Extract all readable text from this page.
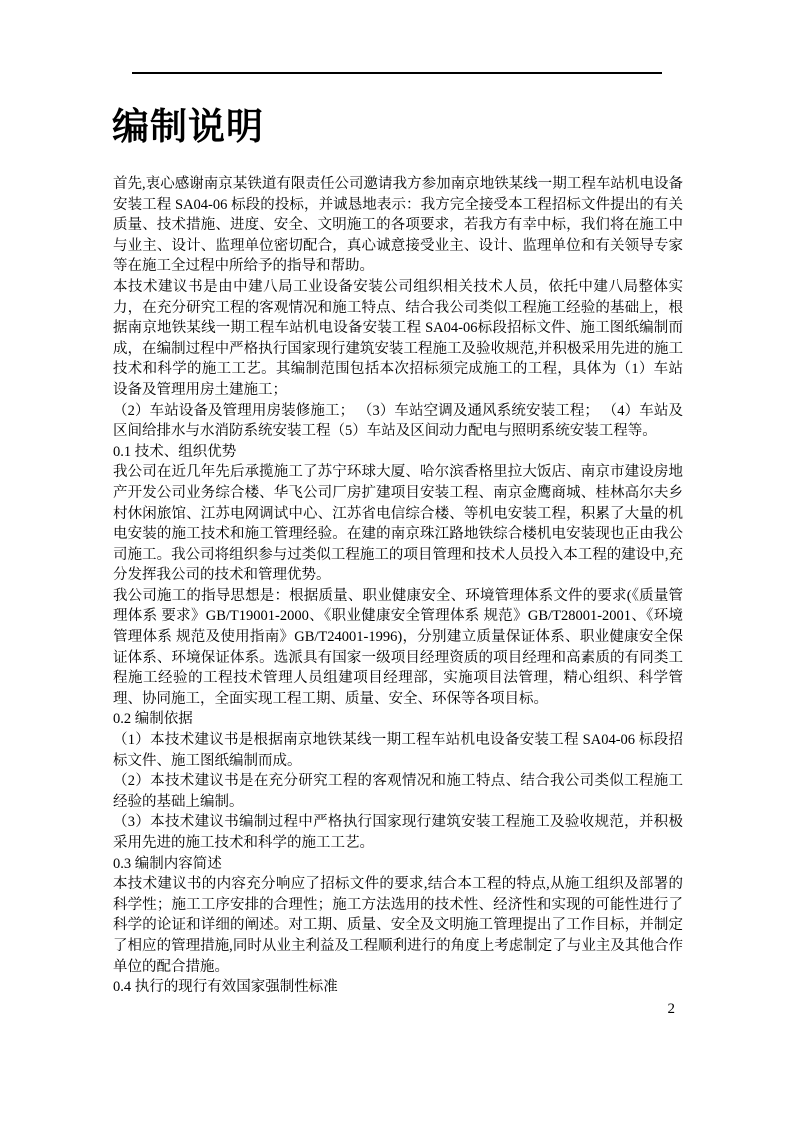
编制说明

首先,衷心感谢南京某铁道有限责任公司邀请我方参加南京地铁某线一期工程车站机电设备安装工程 SA04-06 标段的投标，并诚恳地表示：我方完全接受本工程招标文件提出的有关质量、技术措施、进度、安全、文明施工的各项要求，若我方有幸中标，我们将在施工中与业主、设计、监理单位密切配合，真心诚意接受业主、设计、监理单位和有关领导专家等在施工全过程中所给予的指导和帮助。

本技术建议书是由中建八局工业设备安装公司组织相关技术人员，依托中建八局整体实力，在充分研究工程的客观情况和施工特点、结合我公司类似工程施工经验的基础上，根据南京地铁某线一期工程车站机电设备安装工程 SA04-06标段招标文件、施工图纸编制而成，在编制过程中严格执行国家现行建筑安装工程施工及验收规范,并积极采用先进的施工技术和科学的施工工艺。其编制范围包括本次招标须完成施工的工程，具体为（1）车站设备及管理用房土建施工；

（2）车站设备及管理用房装修施工； （3）车站空调及通风系统安装工程； （4）车站及区间给排水与水消防系统安装工程（5）车站及区间动力配电与照明系统安装工程等。

0.1 技术、组织优势

我公司在近几年先后承揽施工了苏宁环球大厦、哈尔滨香格里拉大饭店、南京市建设房地产开发公司业务综合楼、华飞公司厂房扩建项目安装工程、南京金鹰商城、桂林高尔夫乡村休闲旅馆、江苏电网调试中心、江苏省电信综合楼、等机电安装工程，积累了大量的机电安装的施工技术和施工管理经验。在建的南京珠江路地铁综合楼机电安装现也正由我公司施工。我公司将组织参与过类似工程施工的项目管理和技术人员投入本工程的建设中,充分发挥我公司的技术和管理优势。

我公司施工的指导思想是：根据质量、职业健康安全、环境管理体系文件的要求(《质量管理体系 要求》GB/T19001-2000、《职业健康安全管理体系 规范》GB/T28001-2001、《环境管理体系 规范及使用指南》GB/T24001-1996)，分别建立质量保证体系、职业健康安全保证体系、环境保证体系。选派具有国家一级项目经理资质的项目经理和高素质的有同类工程施工经验的工程技术管理人员组建项目经理部，实施项目法管理，精心组织、科学管理、协同施工，全面实现工程工期、质量、安全、环保等各项目标。

0.2 编制依据

（1）本技术建议书是根据南京地铁某线一期工程车站机电设备安装工程 SA04-06 标段招标文件、施工图纸编制而成。

（2）本技术建议书是在充分研究工程的客观情况和施工特点、结合我公司类似工程施工经验的基础上编制。

（3）本技术建议书编制过程中严格执行国家现行建筑安装工程施工及验收规范，并积极采用先进的施工技术和科学的施工工艺。

0.3 编制内容简述

本技术建议书的内容充分响应了招标文件的要求,结合本工程的特点,从施工组织及部署的科学性；施工工序安排的合理性；施工方法选用的技术性、经济性和实现的可能性进行了科学的论证和详细的阐述。对工期、质量、安全及文明施工管理提出了工作目标，并制定了相应的管理措施,同时从业主利益及工程顺利进行的角度上考虑制定了与业主及其他合作单位的配合措施。

0.4 执行的现行有效国家强制性标准

2
